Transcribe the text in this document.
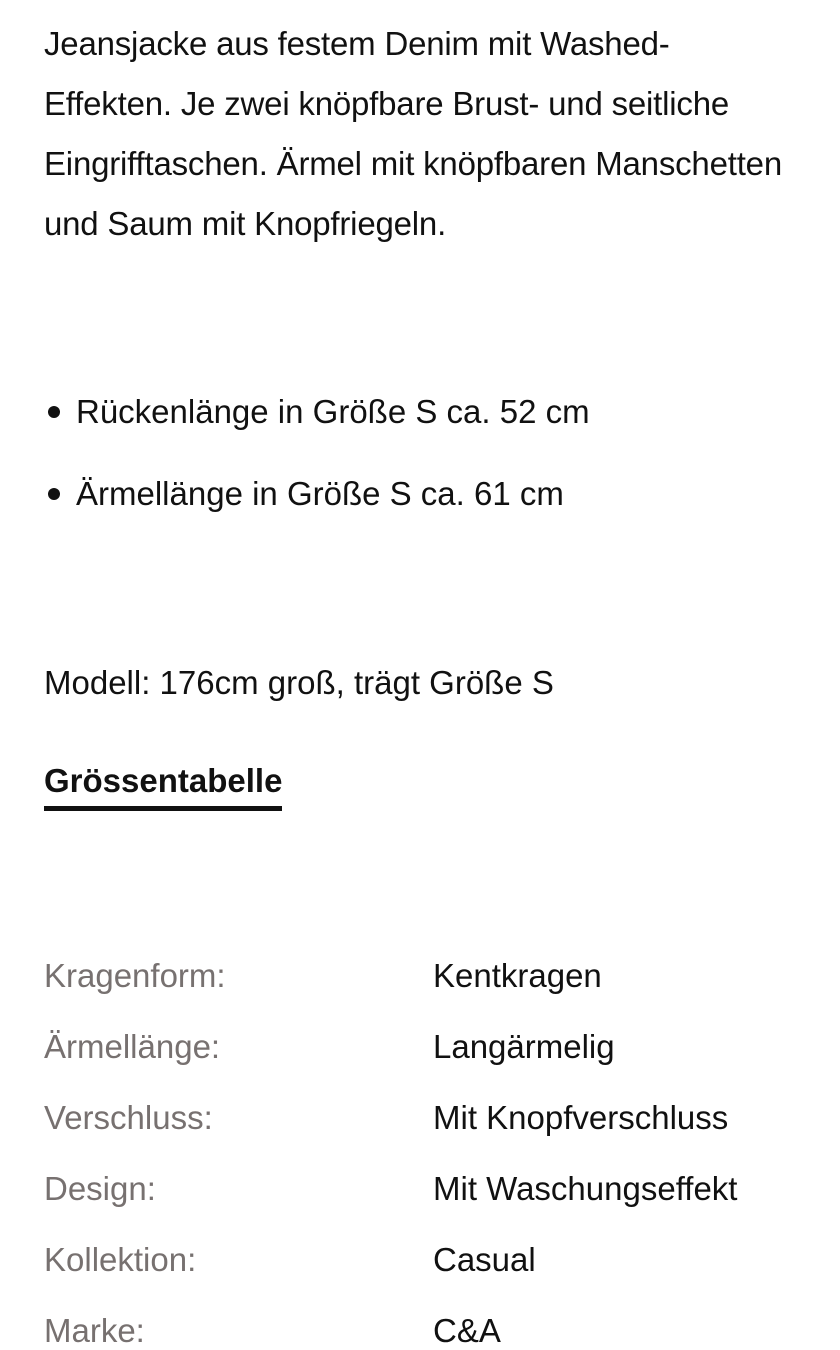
Jeansjacke aus festem Denim mit Washed-Effekten. Je zwei knöpfbare Brust- und seitliche Eingrifftaschen. Ärmel mit knöpfbaren Manschetten und Saum mit Knopfriegeln.

Rückenlänge in Größe S ca. 52 cm
Ärmellänge in Größe S ca. 61 cm

Modell: 176cm groß, trägt Größe S

Grössentabelle
Kragenform:	Kentkragen
Ärmellänge:	Langärmelig
Verschluss:	Mit Knopfverschluss
Design:	Mit Waschungseffekt
Kollektion:	Casual
Marke:	C&A
